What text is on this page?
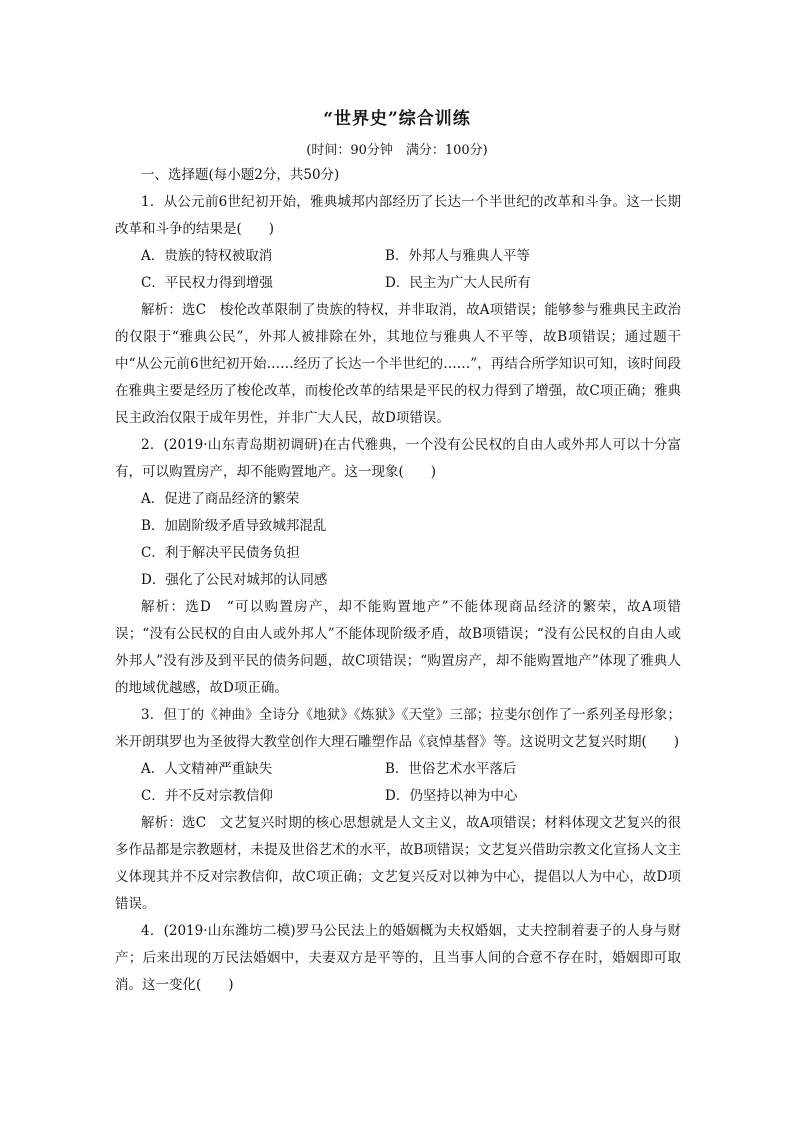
“世界史”综合训练
(时间：90分钟　满分：100分)

一、选择题(每小题2分，共50分)

1．从公元前6世纪初开始，雅典城邦内部经历了长达一个半世纪的改革和斗争。这一长期改革和斗争的结果是(　　)

A．贵族的特权被取消	B．外邦人与雅典人平等
C．平民权力得到增强	D．民主为广大人民所有

解析：选C　梭伦改革限制了贵族的特权，并非取消，故A项错误；能够参与雅典民主政治的仅限于“雅典公民”，外邦人被排除在外，其地位与雅典人不平等，故B项错误；通过题干中“从公元前6世纪初开始……经历了长达一个半世纪的……”，再结合所学知识可知，该时间段在雅典主要是经历了梭伦改革，而梭伦改革的结果是平民的权力得到了增强，故C项正确；雅典民主政治仅限于成年男性，并非广大人民，故D项错误。

2．(2019·山东青岛期初调研)在古代雅典，一个没有公民权的自由人或外邦人可以十分富有，可以购置房产，却不能购置地产。这一现象(　　)

A．促进了商品经济的繁荣

B．加剧阶级矛盾导致城邦混乱

C．利于解决平民债务负担

D．强化了公民对城邦的认同感

解析：选D　“可以购置房产，却不能购置地产”不能体现商品经济的繁荣，故A项错误；“没有公民权的自由人或外邦人”不能体现阶级矛盾，故B项错误；“没有公民权的自由人或外邦人”没有涉及到平民的债务问题，故C项错误；“购置房产，却不能购置地产”体现了雅典人的地域优越感，故D项正确。

3．但丁的《神曲》全诗分《地狱》《炼狱》《天堂》三部；拉斐尔创作了一系列圣母形象；米开朗琪罗也为圣彼得大教堂创作大理石雕塑作品《哀悼基督》等。这说明文艺复兴时期(　　)

A．人文精神严重缺失	B．世俗艺术水平落后
C．并不反对宗教信仰	D．仍坚持以神为中心

解析：选C　文艺复兴时期的核心思想就是人文主义，故A项错误；材料体现文艺复兴的很多作品都是宗教题材，未提及世俗艺术的水平，故B项错误；文艺复兴借助宗教文化宣扬人文主义体现其并不反对宗教信仰，故C项正确；文艺复兴反对以神为中心，提倡以人为中心，故D项错误。

4．(2019·山东潍坊二模)罗马公民法上的婚姻概为夫权婚姻，丈夫控制着妻子的人身与财产；后来出现的万民法婚姻中，夫妻双方是平等的，且当事人间的合意不存在时，婚姻即可取消。这一变化(　　)
